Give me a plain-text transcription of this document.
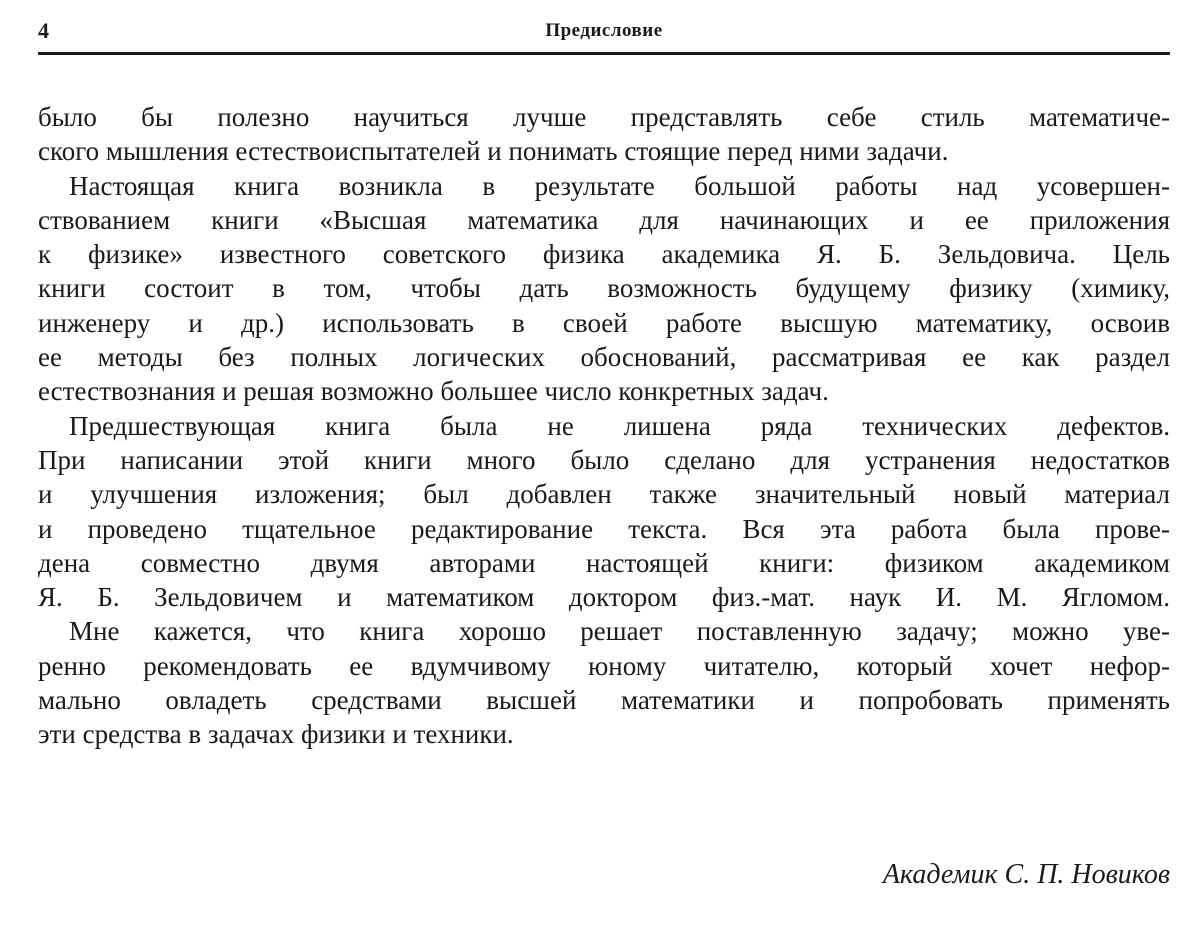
4	Предисловие
было бы полезно научиться лучше представлять себе стиль математиче-
ского мышления естествоиспытателей и понимать стоящие перед ними задачи.
Настоящая книга возникла в результате большой работы над усовершен-
ствованием книги «Высшая математика для начинающих и ее приложения
к физике» известного советского физика академика Я. Б. Зельдовича. Цель
книги состоит в том, чтобы дать возможность будущему физику (химику,
инженеру и др.) использовать в своей работе высшую математику, освоив
ее методы без полных логических обоснований, рассматривая ее как раздел
естествознания и решая возможно большее число конкретных задач.
Предшествующая книга была не лишена ряда технических дефектов.
При написании этой книги много было сделано для устранения недостатков
и улучшения изложения; был добавлен также значительный новый материал
и проведено тщательное редактирование текста. Вся эта работа была прове-
дена совместно двумя авторами настоящей книги: физиком академиком
Я. Б. Зельдовичем и математиком доктором физ.-мат. наук И. М. Ягломом.
Мне кажется, что книга хорошо решает поставленную задачу; можно уве-
ренно рекомендовать ее вдумчивому юному читателю, который хочет нефор-
мально овладеть средствами высшей математики и попробовать применять
эти средства в задачах физики и техники.
Академик С. П. Новиков
